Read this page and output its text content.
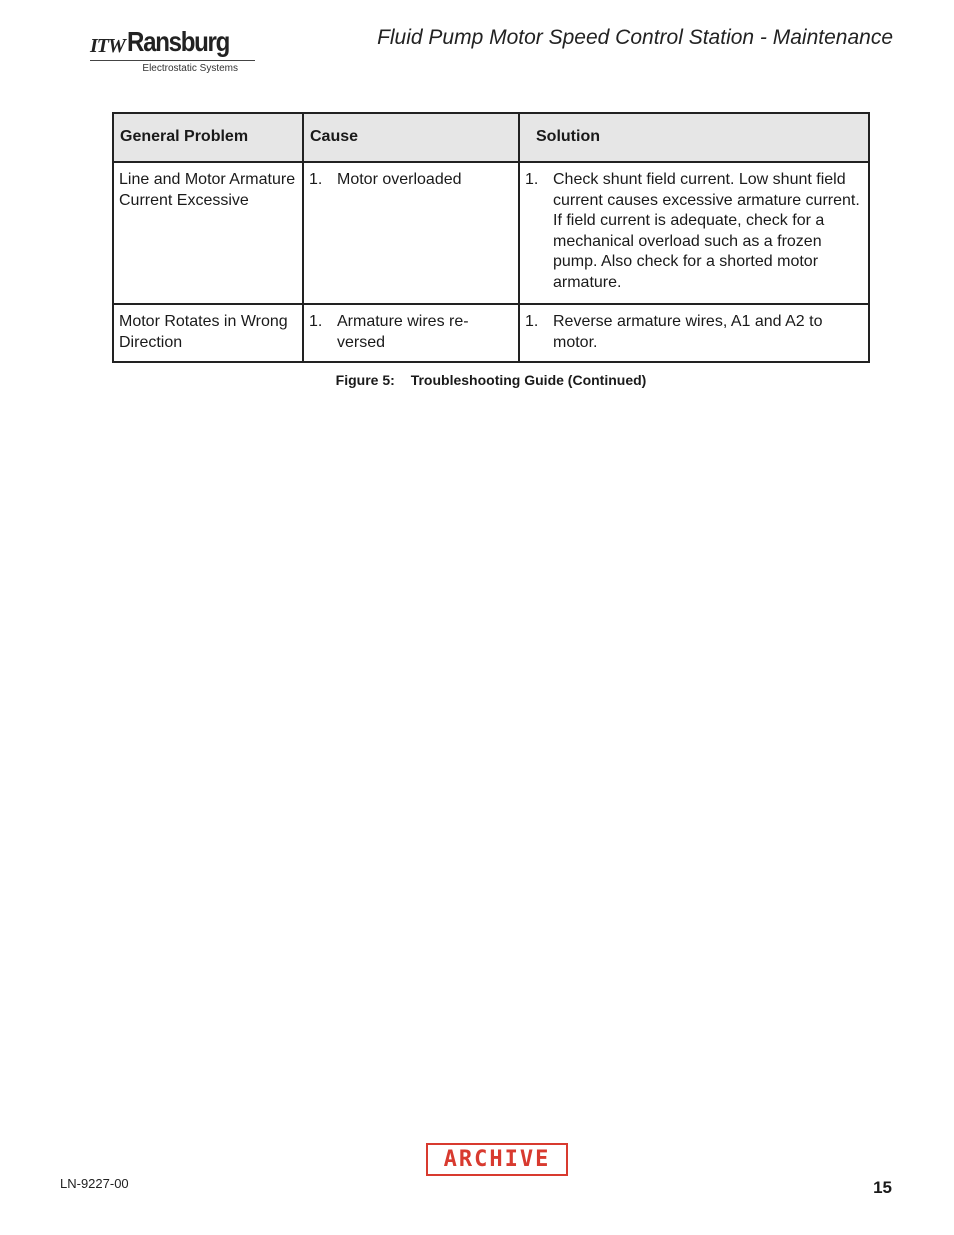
ITW Ransburg
Electrostatic Systems
Fluid Pump Motor Speed Control Station - Maintenance
General Problem	Cause	Solution
Line and Motor Armature Current Excessive	1. Motor overloaded	1. Check shunt field current. Low shunt field current causes excessive armature current. If field current is adequate, check for a mechanical overload such as a frozen pump. Also check for a shorted motor armature.

Motor Rotates in Wrong Direction	1. Armature wires re-versed	1. Reverse armature wires, A1 and A2 to motor.
Figure 5: Troubleshooting Guide (Continued)
ARCHIVE
LN-9227-00	15
